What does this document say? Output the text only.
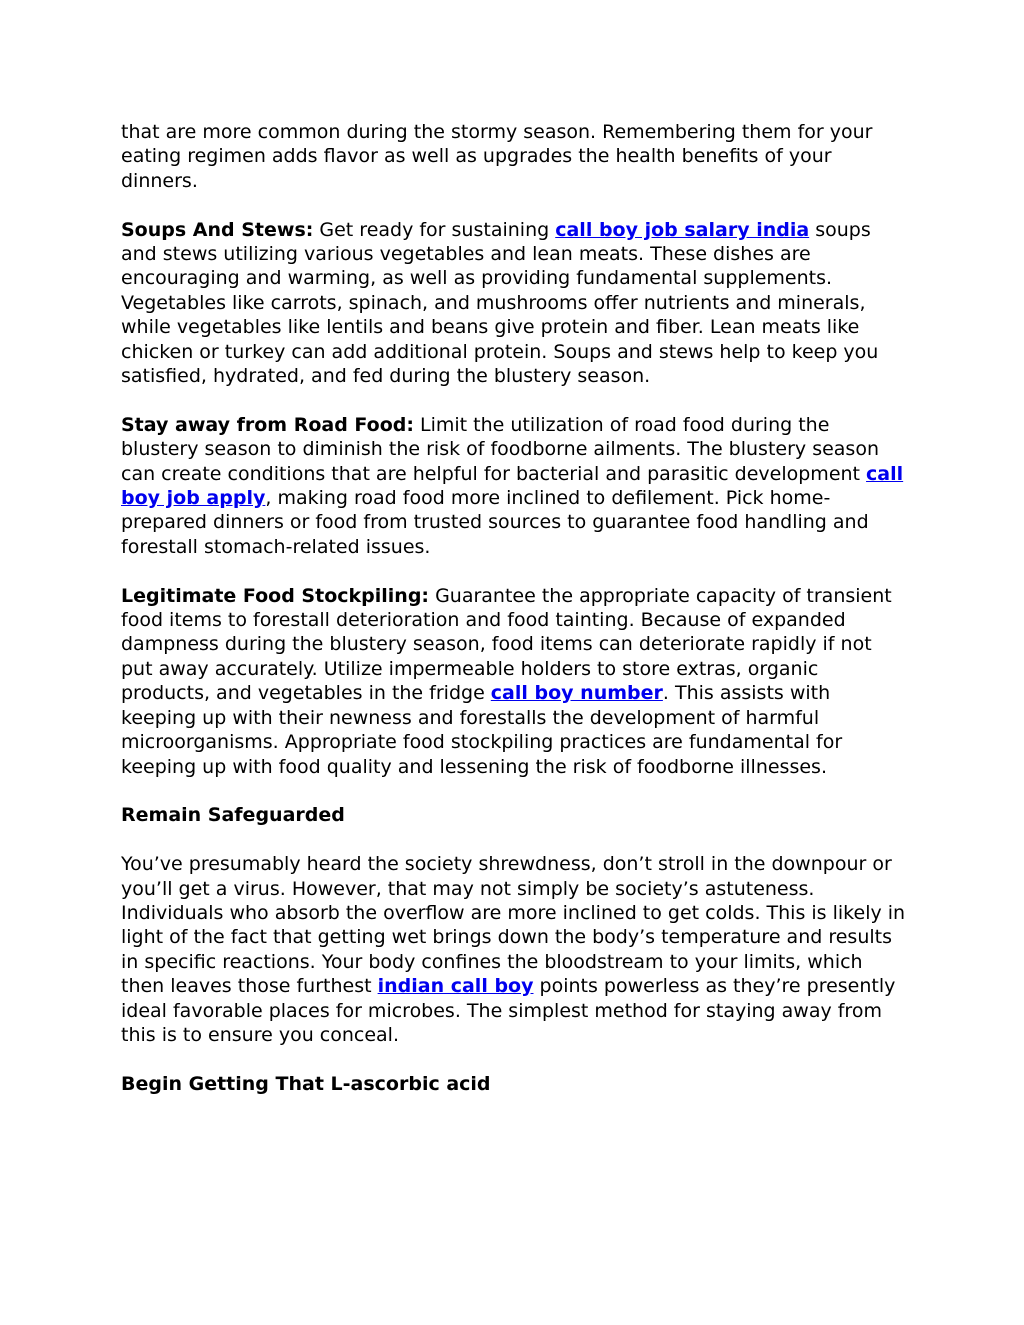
that are more common during the stormy season. Remembering them for your eating regimen adds flavor as well as upgrades the health benefits of your dinners.

Soups And Stews: Get ready for sustaining call boy job salary india soups and stews utilizing various vegetables and lean meats. These dishes are encouraging and warming, as well as providing fundamental supplements. Vegetables like carrots, spinach, and mushrooms offer nutrients and minerals, while vegetables like lentils and beans give protein and fiber. Lean meats like chicken or turkey can add additional protein. Soups and stews help to keep you satisfied, hydrated, and fed during the blustery season.

Stay away from Road Food: Limit the utilization of road food during the blustery season to diminish the risk of foodborne ailments. The blustery season can create conditions that are helpful for bacterial and parasitic development call boy job apply, making road food more inclined to defilement. Pick home-prepared dinners or food from trusted sources to guarantee food handling and forestall stomach-related issues.

Legitimate Food Stockpiling: Guarantee the appropriate capacity of transient food items to forestall deterioration and food tainting. Because of expanded dampness during the blustery season, food items can deteriorate rapidly if not put away accurately. Utilize impermeable holders to store extras, organic products, and vegetables in the fridge call boy number. This assists with keeping up with their newness and forestalls the development of harmful microorganisms. Appropriate food stockpiling practices are fundamental for keeping up with food quality and lessening the risk of foodborne illnesses.

Remain Safeguarded

You’ve presumably heard the society shrewdness, don’t stroll in the downpour or you’ll get a virus. However, that may not simply be society’s astuteness. Individuals who absorb the overflow are more inclined to get colds. This is likely in light of the fact that getting wet brings down the body’s temperature and results in specific reactions. Your body confines the bloodstream to your limits, which then leaves those furthest indian call boy points powerless as they’re presently ideal favorable places for microbes. The simplest method for staying away from this is to ensure you conceal.

Begin Getting That L-ascorbic acid
